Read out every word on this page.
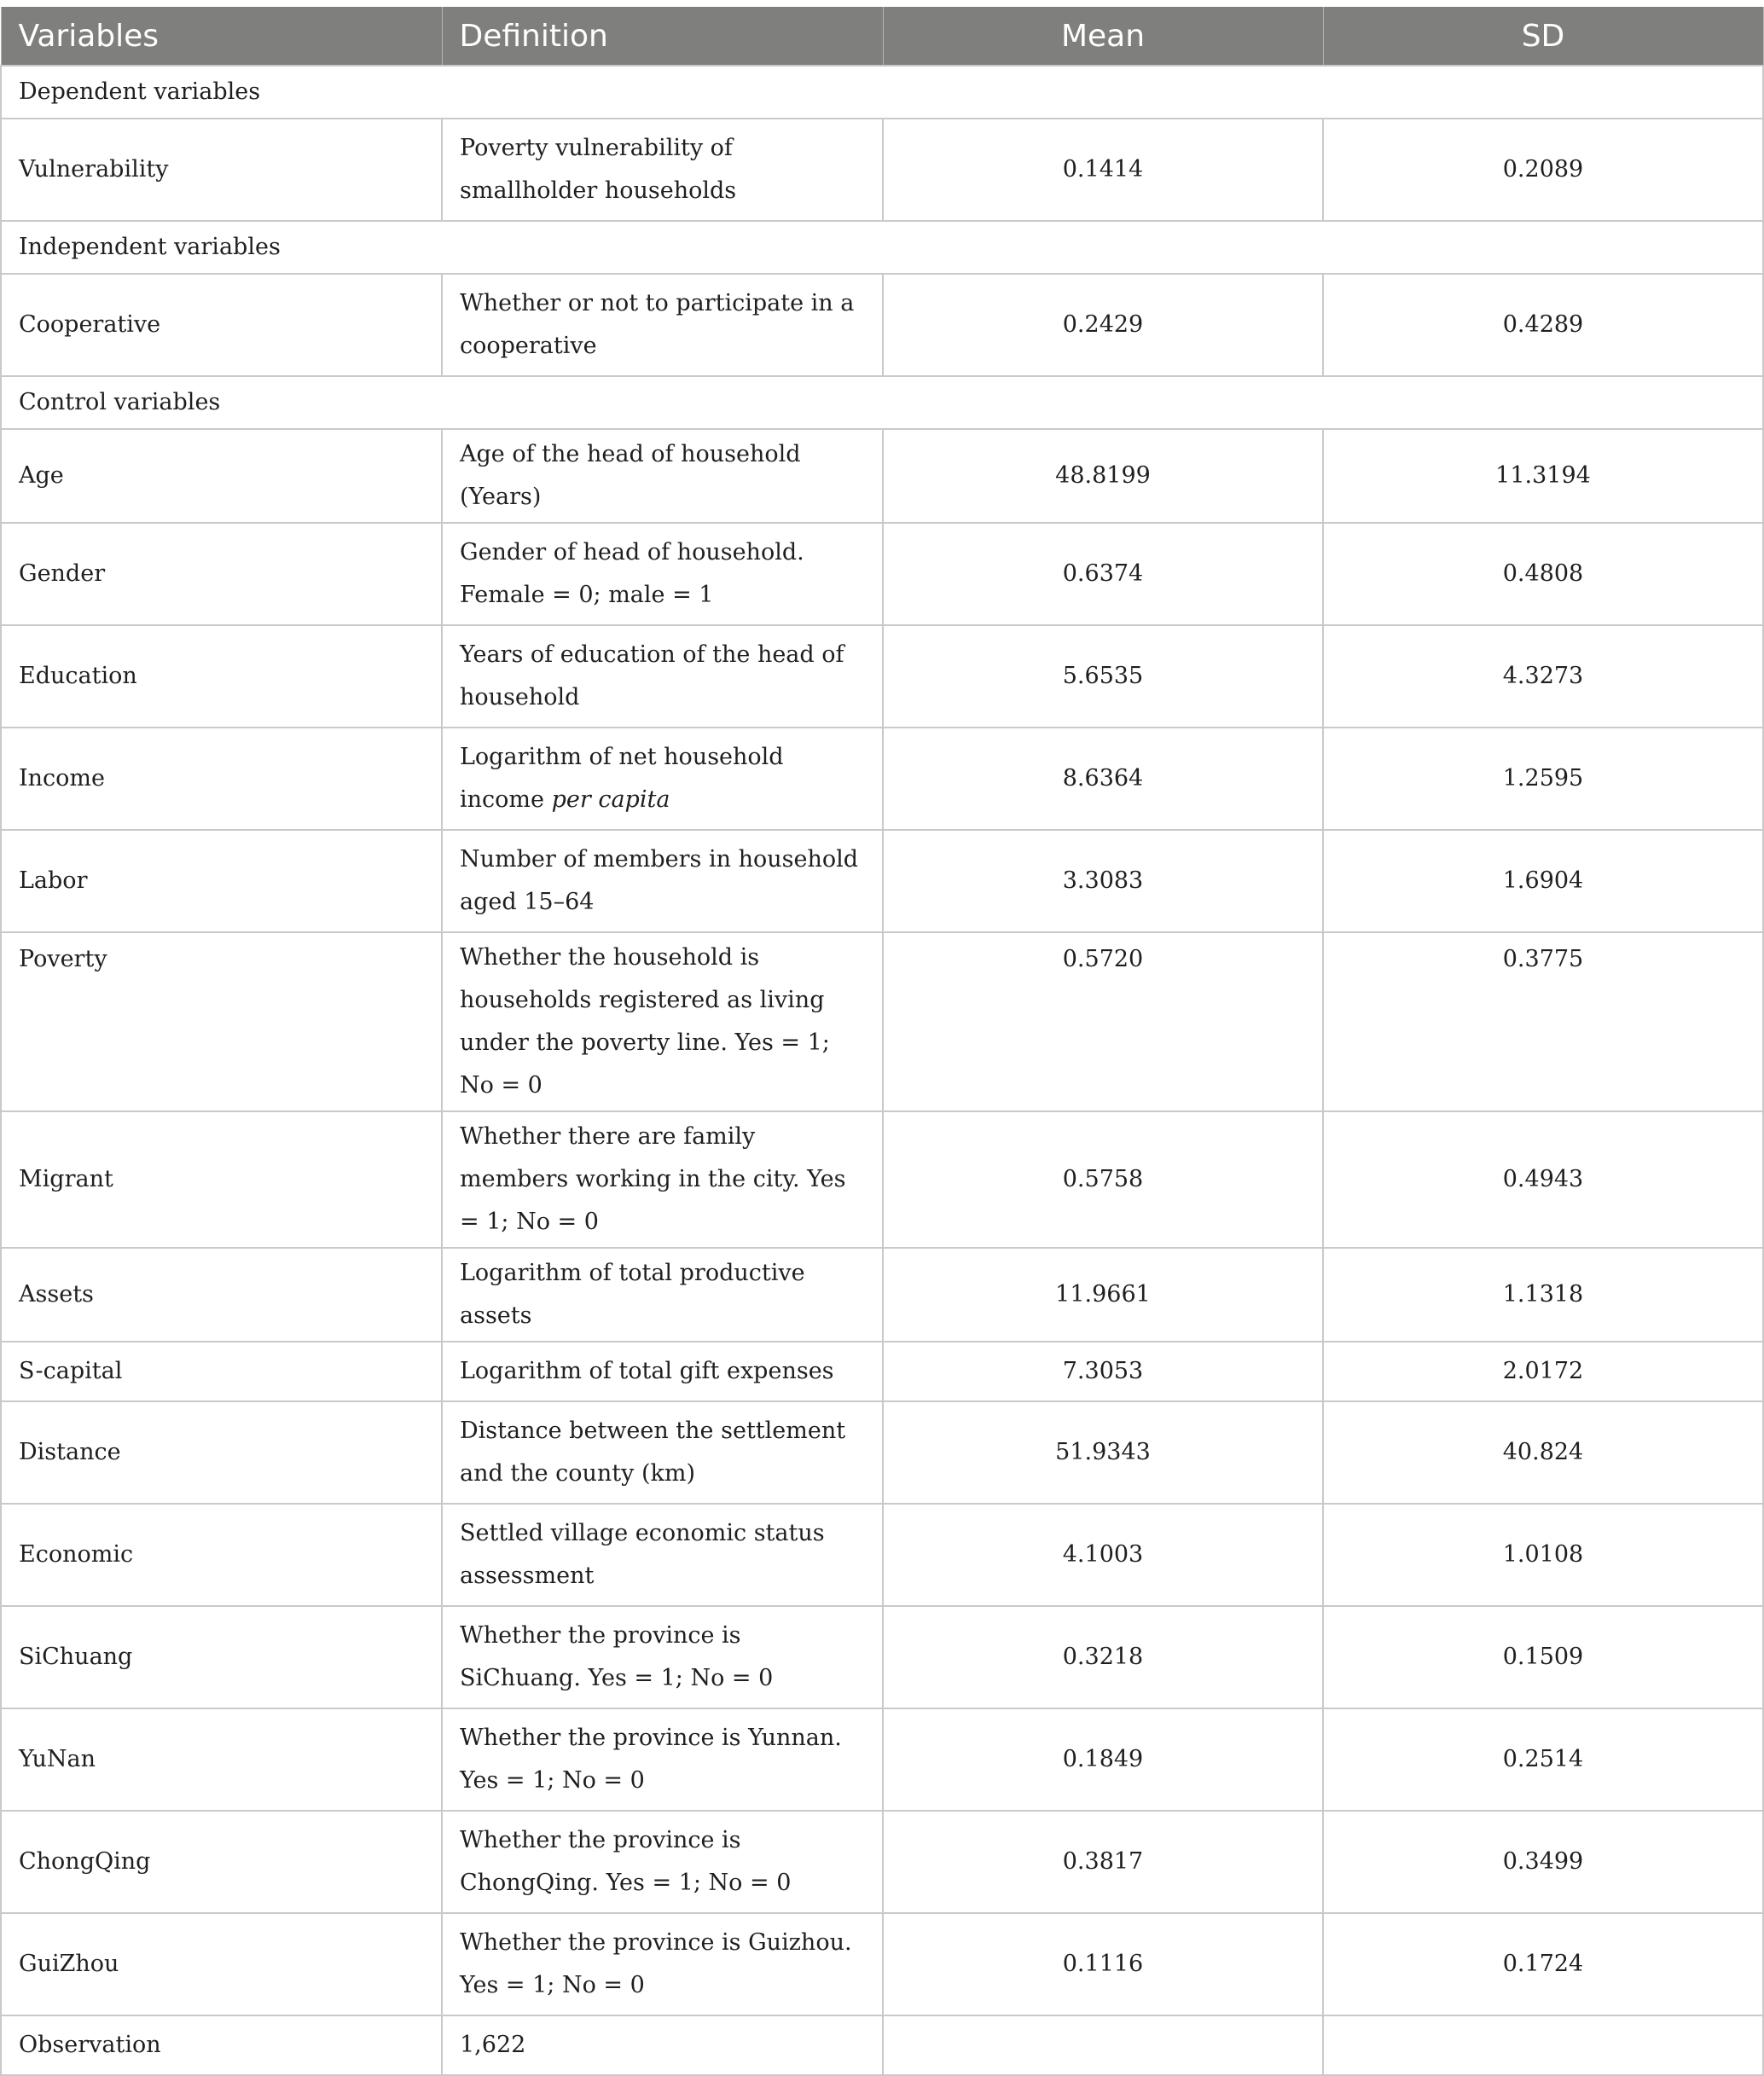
Variables	Definition	Mean	SD
Dependent variables			
Vulnerability	Poverty vulnerability of smallholder households	0.1414	0.2089
Independent variables			
Cooperative	Whether or not to participate in a cooperative	0.2429	0.4289
Control variables			
Age	Age of the head of household (Years)	48.8199	11.3194
Gender	Gender of head of household. Female = 0; male = 1	0.6374	0.4808
Education	Years of education of the head of household	5.6535	4.3273
Income	Logarithm of net household income per capita	8.6364	1.2595
Labor	Number of members in household aged 15–64	3.3083	1.6904
Poverty	Whether the household is households registered as living under the poverty line. Yes = 1; No = 0	0.5720	0.3775
Migrant	Whether there are family members working in the city. Yes = 1; No = 0	0.5758	0.4943
Assets	Logarithm of total productive assets	11.9661	1.1318
S-capital	Logarithm of total gift expenses	7.3053	2.0172
Distance	Distance between the settlement and the county (km)	51.9343	40.824
Economic	Settled village economic status assessment	4.1003	1.0108
SiChuang	Whether the province is SiChuang. Yes = 1; No = 0	0.3218	0.1509
YuNan	Whether the province is Yunnan. Yes = 1; No = 0	0.1849	0.2514
ChongQing	Whether the province is ChongQing. Yes = 1; No = 0	0.3817	0.3499
GuiZhou	Whether the province is Guizhou. Yes = 1; No = 0	0.1116	0.1724
Observation	1,622		
